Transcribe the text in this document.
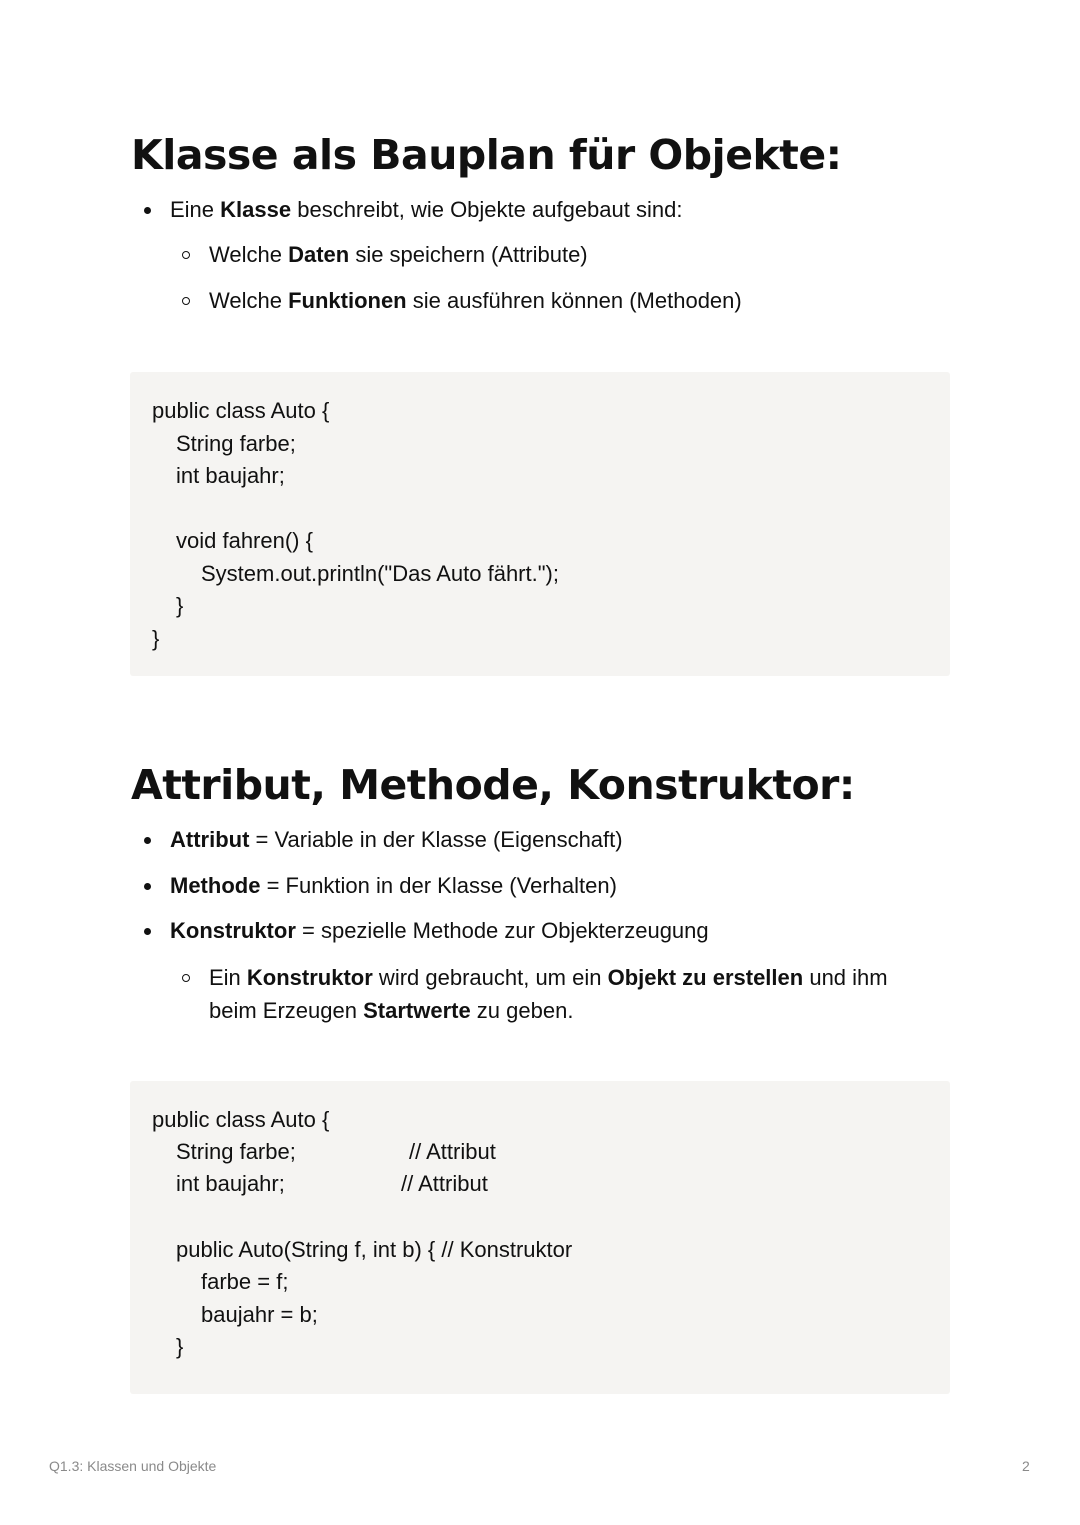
Klasse als Bauplan für Objekte:
Eine Klasse beschreibt, wie Objekte aufgebaut sind:
Welche Daten sie speichern (Attribute)
Welche Funktionen sie ausführen können (Methoden)
public class Auto {
String farbe;
int baujahr;
void fahren() {
System.out.println("Das Auto fährt.");
}
}
Attribut, Methode, Konstruktor:
Attribut = Variable in der Klasse (Eigenschaft)
Methode = Funktion in der Klasse (Verhalten)
Konstruktor = spezielle Methode zur Objekterzeugung
Ein Konstruktor wird gebraucht, um ein Objekt zu erstellen und ihm
beim Erzeugen Startwerte zu geben.
public class Auto {
String farbe;	// Attribut
int baujahr;	// Attribut
public Auto(String f, int b) { // Konstruktor
farbe = f;
baujahr = b;
}
Q1.3: Klassen und Objekte	2
